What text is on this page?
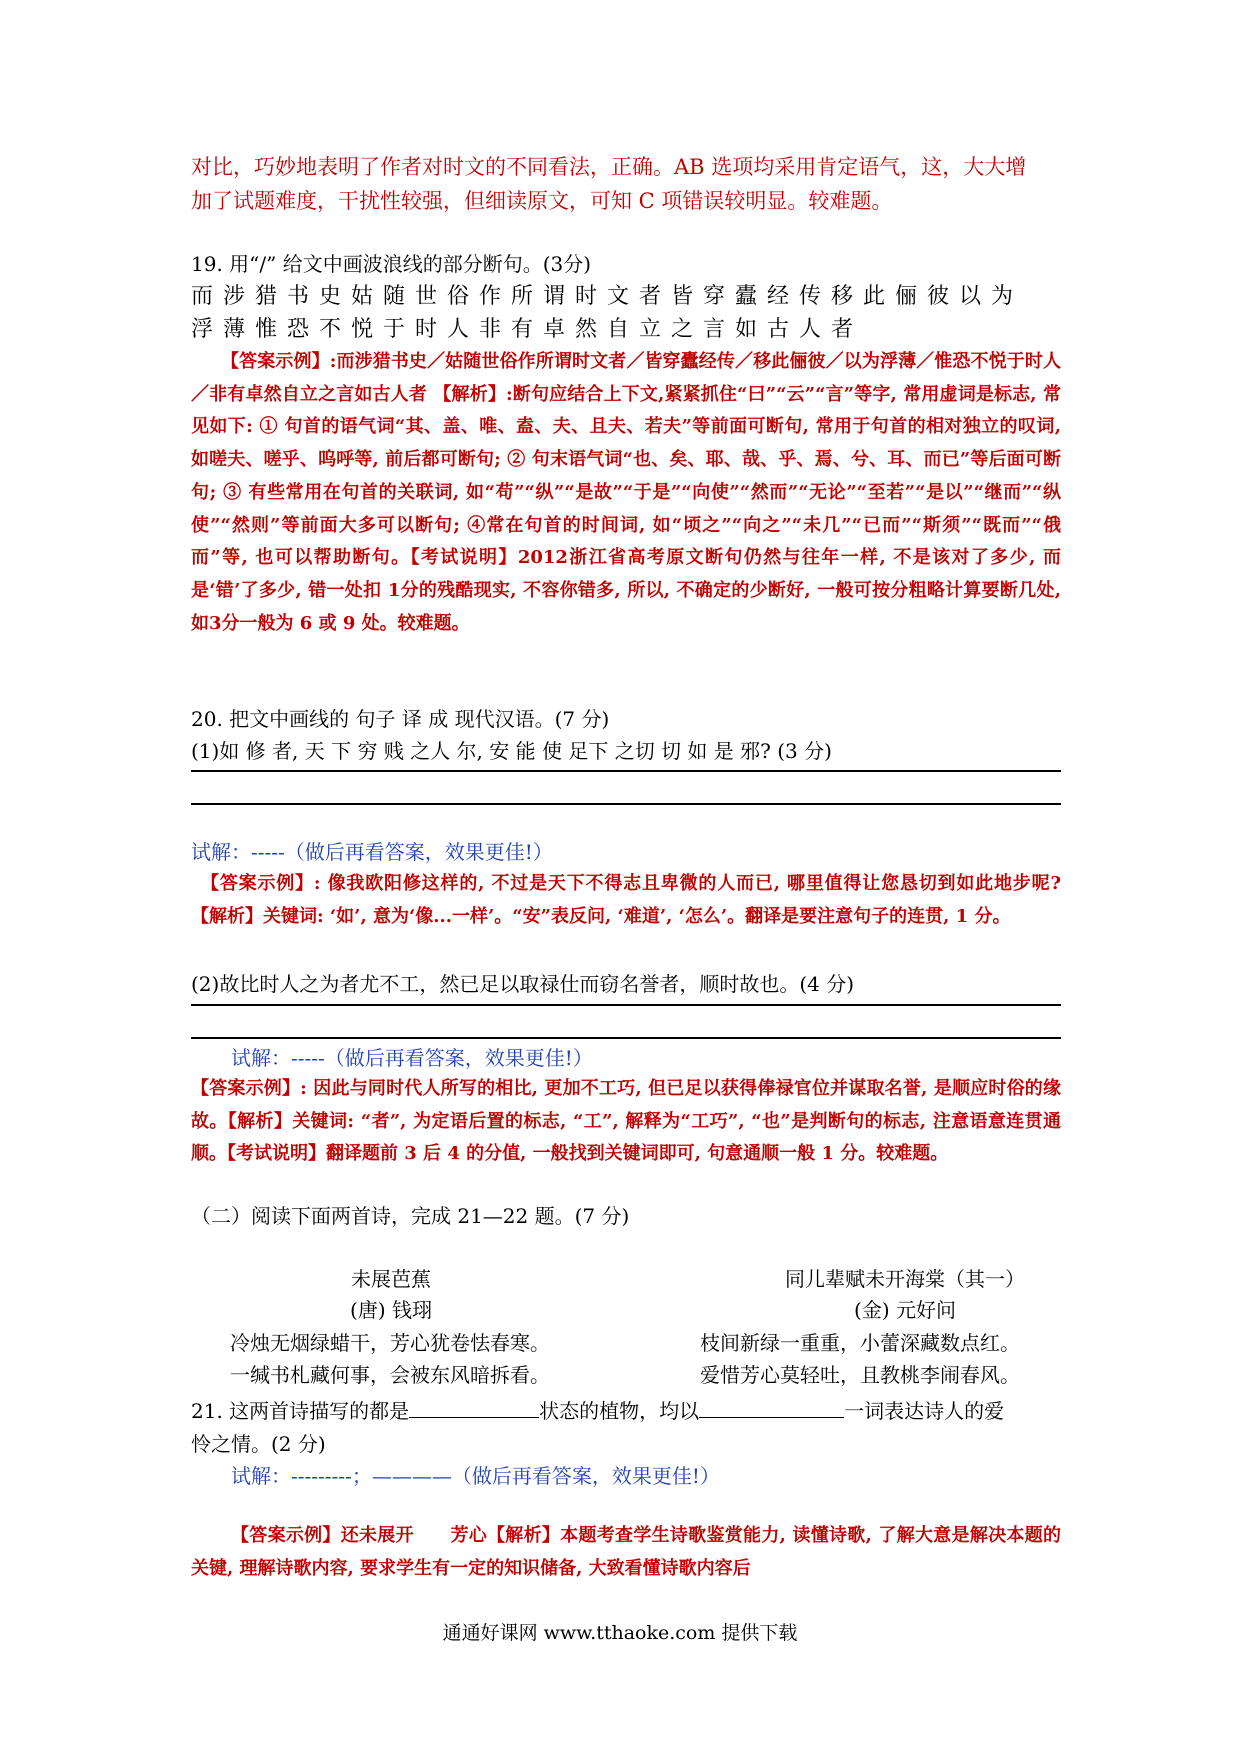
对比，巧妙地表明了作者对时文的不同看法，正确。AB 选项均采用肯定语气，这，大大增
加了试题难度，干扰性较强，但细读原文，可知 C 项错误较明显。较难题。
19. 用“/” 给文中画波浪线的部分断句。(3分)
而涉猎书史姑随世俗作所谓时文者皆穿蠹经传移此俪彼以为
浮薄惟恐不悦于时人非有卓然自立之言如古人者
【答案示例】:而涉猎书史／姑随世俗作所谓时文者／皆穿蠹经传／移此俪彼／以为浮薄／惟恐不悦于时人／非有卓然自立之言如古人者 【解析】:断句应结合上下文,紧紧抓住“曰”“云”“言”等字, 常用虚词是标志, 常见如下: ① 句首的语气词“其、盖、唯、盍、夫、且夫、若夫”等前面可断句, 常用于句首的相对独立的叹词, 如嗟夫、嗟乎、呜呼等, 前后都可断句; ② 句末语气词“也、矣、耶、哉、乎、焉、兮、耳、而已”等后面可断句; ③ 有些常用在句首的关联词, 如“苟”“纵”“是故”“于是”“向使”“然而”“无论”“至若”“是以”“继而”“纵使”“然则”等前面大多可以断句; ④常在句首的时间词, 如“顷之”“向之”“未几”“已而”“斯须”“既而”“俄而”等, 也可以帮助断句。【考试说明】2012浙江省高考原文断句仍然与往年一样, 不是该对了多少, 而是‘错’了多少, 错一处扣 1分的残酷现实, 不容你错多, 所以, 不确定的少断好, 一般可按分粗略计算要断几处, 如3分一般为 6 或 9 处。较难题。
20. 把文中画线的 句子 译 成 现代汉语。(7 分)
(1)如 修 者, 天 下 穷 贱 之人 尔, 安 能 使 足下 之切 切 如 是 邪? (3 分)
试解：-----（做后再看答案，效果更佳!）
【答案示例】: 像我欧阳修这样的, 不过是天下不得志且卑微的人而已, 哪里值得让您恳切到如此地步呢? 【解析】关键词: ‘如’, 意为‘像...一样’。“安”表反问, ‘难道’, ‘怎么’。翻译是要注意句子的连贯, 1 分。
(2)故比时人之为者尤不工，然已足以取禄仕而窃名誉者，顺时故也。(4 分)
试解：-----（做后再看答案，效果更佳!）
【答案示例】: 因此与同时代人所写的相比, 更加不工巧, 但已足以获得俸禄官位并谋取名誉, 是顺应时俗的缘故。【解析】关键词: “者”, 为定语后置的标志, “工”, 解释为“工巧”, “也”是判断句的标志, 注意语意连贯通顺。【考试说明】翻译题前 3 后 4 的分值, 一般找到关键词即可, 句意通顺一般 1 分。较难题。
（二）阅读下面两首诗，完成 21—22 题。(7 分)
未展芭蕉
(唐) 钱珝
冷烛无烟绿蜡干，芳心犹卷怯春寒。
一缄书札藏何事，会被东风暗拆看。
同儿辈赋未开海棠（其一）
(金) 元好问
枝间新绿一重重，小蕾深藏数点红。
爱惜芳心莫轻吐，且教桃李闹春风。
21. 这两首诗描写的都是	状态的植物，均以	一词表达诗人的爱
怜之情。(2 分)
试解：---------；————（做后再看答案，效果更佳!）
【答案示例】还未展开　　芳心【解析】本题考查学生诗歌鉴赏能力, 读懂诗歌, 了解大意是解决本题的关键, 理解诗歌内容, 要求学生有一定的知识储备, 大致看懂诗歌内容后
通通好课网 www.tthaoke.com 提供下载
